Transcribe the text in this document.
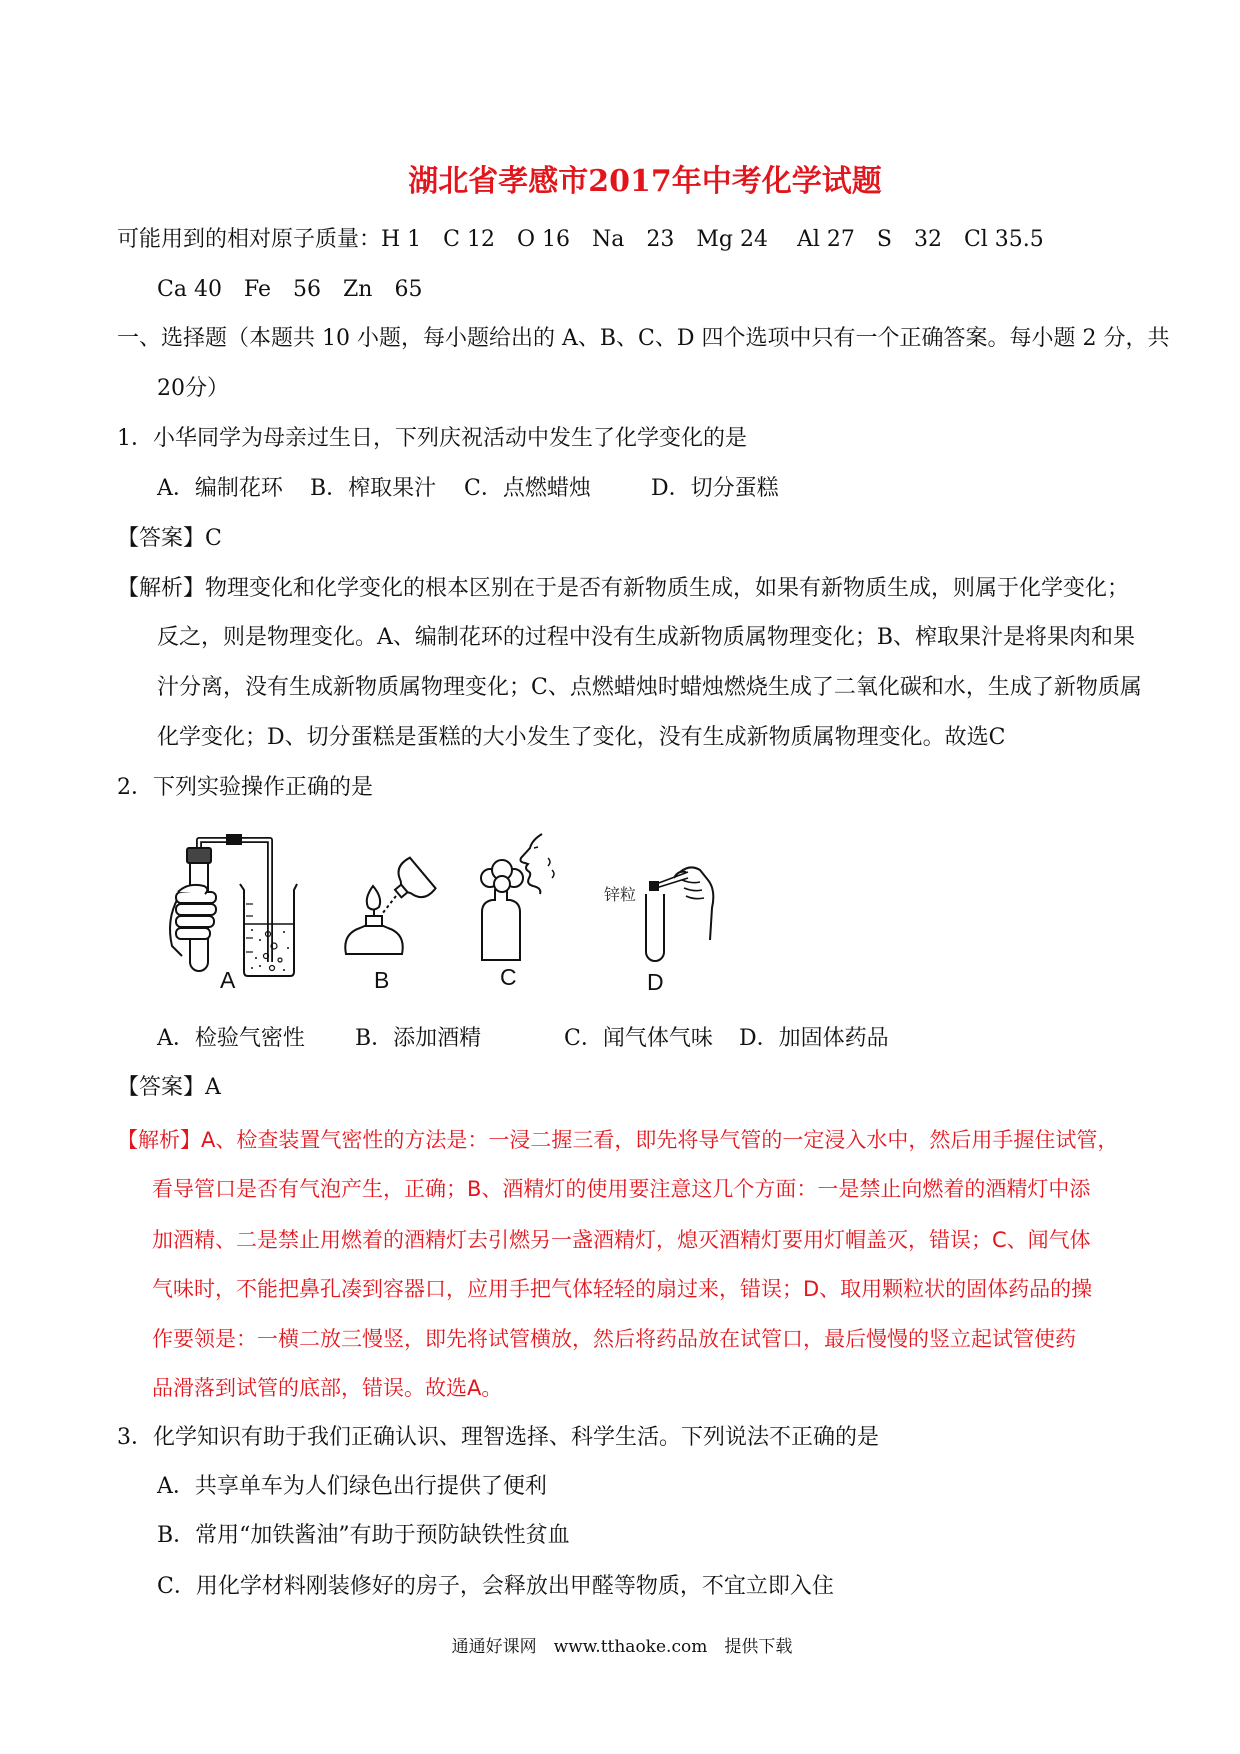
湖北省孝感市2017年中考化学试题
可能用到的相对原子质量：H 1　C 12　O 16　Na　23　Mg 24　 Al 27　S　32　Cl 35.5
Ca 40　Fe　56　Zn　65
一、选择题（本题共 10 小题，每小题给出的 A、B、C、D 四个选项中只有一个正确答案。每小题 2 分，共
20分）
1．小华同学为母亲过生日，下列庆祝活动中发生了化学变化的是
A．编制花环 B．榨取果汁 C．点燃蜡烛	D．切分蛋糕
【答案】C
【解析】物理变化和化学变化的根本区别在于是否有新物质生成，如果有新物质生成，则属于化学变化；
反之，则是物理变化。A、编制花环的过程中没有生成新物质属物理变化；B、榨取果汁是将果肉和果
汁分离，没有生成新物质属物理变化；C、点燃蜡烛时蜡烛燃烧生成了二氧化碳和水，生成了新物质属
化学变化；D、切分蛋糕是蛋糕的大小发生了变化，没有生成新物质属物理变化。故选C
2．下列实验操作正确的是
A	B	C
锌粒
D
A．检验气密性 B．添加酒精	C．闻气体气味 D．加固体药品
【答案】A
【解析】A、检查装置气密性的方法是：一浸二握三看，即先将导气管的一定浸入水中，然后用手握住试管，
看导管口是否有气泡产生，正确；B、酒精灯的使用要注意这几个方面：一是禁止向燃着的酒精灯中添
加酒精、二是禁止用燃着的酒精灯去引燃另一盏酒精灯，熄灭酒精灯要用灯帽盖灭，错误；C、闻气体
气味时，不能把鼻孔凑到容器口，应用手把气体轻轻的扇过来，错误；D、取用颗粒状的固体药品的操
作要领是：一横二放三慢竖，即先将试管横放，然后将药品放在试管口，最后慢慢的竖立起试管使药
品滑落到试管的底部，错误。故选A。
3．化学知识有助于我们正确认识、理智选择、科学生活。下列说法不正确的是
A．共享单车为人们绿色出行提供了便利
B．常用“加铁酱油”有助于预防缺铁性贫血
C．用化学材料刚装修好的房子，会释放出甲醛等物质，不宜立即入住
通通好课网　www.tthaoke.com　提供下载
